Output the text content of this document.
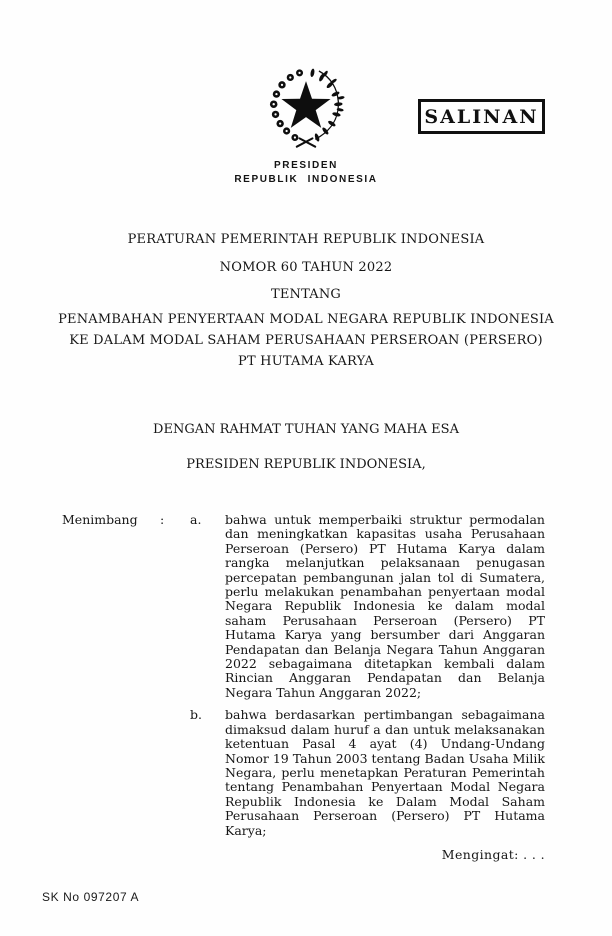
SALINAN
PRESIDEN
REPUBLIK INDONESIA
PERATURAN PEMERINTAH REPUBLIK INDONESIA
NOMOR 60 TAHUN 2022
TENTANG
PENAMBAHAN PENYERTAAN MODAL NEGARA REPUBLIK INDONESIA
KE DALAM MODAL SAHAM PERUSAHAAN PERSEROAN (PERSERO)
PT HUTAMA KARYA
DENGAN RAHMAT TUHAN YANG MAHA ESA
PRESIDEN REPUBLIK INDONESIA,
Menimbang	:	a.	bahwa untuk memperbaiki struktur permodalan dan meningkatkan kapasitas usaha Perusahaan Perseroan (Persero) PT Hutama Karya dalam rangka melanjutkan pelaksanaan penugasan percepatan pembangunan jalan tol di Sumatera, perlu melakukan penambahan penyertaan modal Negara Republik Indonesia ke dalam modal saham Perusahaan Perseroan (Persero) PT Hutama Karya yang bersumber dari Anggaran Pendapatan dan Belanja Negara Tahun Anggaran 2022 sebagaimana ditetapkan kembali dalam Rincian Anggaran Pendapatan dan Belanja Negara Tahun Anggaran 2022;
b.	bahwa berdasarkan pertimbangan sebagaimana dimaksud dalam huruf a dan untuk melaksanakan ketentuan Pasal 4 ayat (4) Undang-Undang Nomor 19 Tahun 2003 tentang Badan Usaha Milik Negara, perlu menetapkan Peraturan Pemerintah tentang Penambahan Penyertaan Modal Negara Republik Indonesia ke Dalam Modal Saham Perusahaan Perseroan (Persero) PT Hutama Karya;
Mengingat: . . .
SK No 097207 A
